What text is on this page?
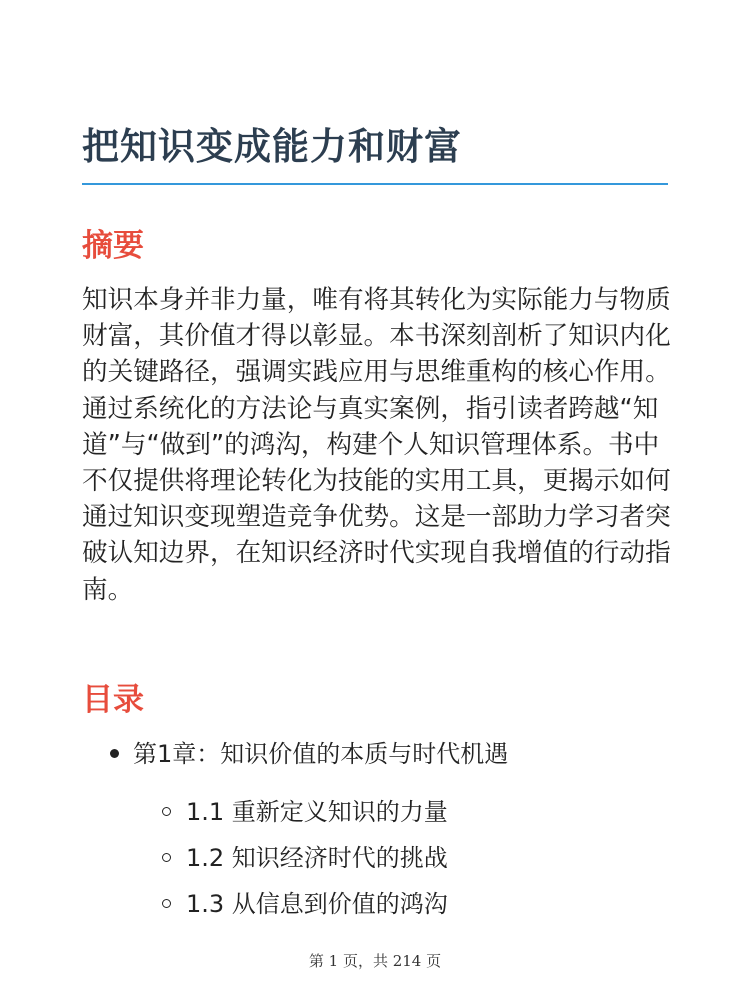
把知识变成能力和财富
摘要

知识本身并非力量，唯有将其转化为实际能力与物质财富，其价值才得以彰显。本书深刻剖析了知识内化的关键路径，强调实践应用与思维重构的核心作用。通过系统化的方法论与真实案例，指引读者跨越“知道”与“做到”的鸿沟，构建个人知识管理体系。书中不仅提供将理论转化为技能的实用工具，更揭示如何通过知识变现塑造竞争优势。这是一部助力学习者突破认知边界，在知识经济时代实现自我增值的行动指南。

目录
第1章：知识价值的本质与时代机遇
1.1 重新定义知识的力量
1.2 知识经济时代的挑战
1.3 从信息到价值的鸿沟
第 1 页，共 214 页
